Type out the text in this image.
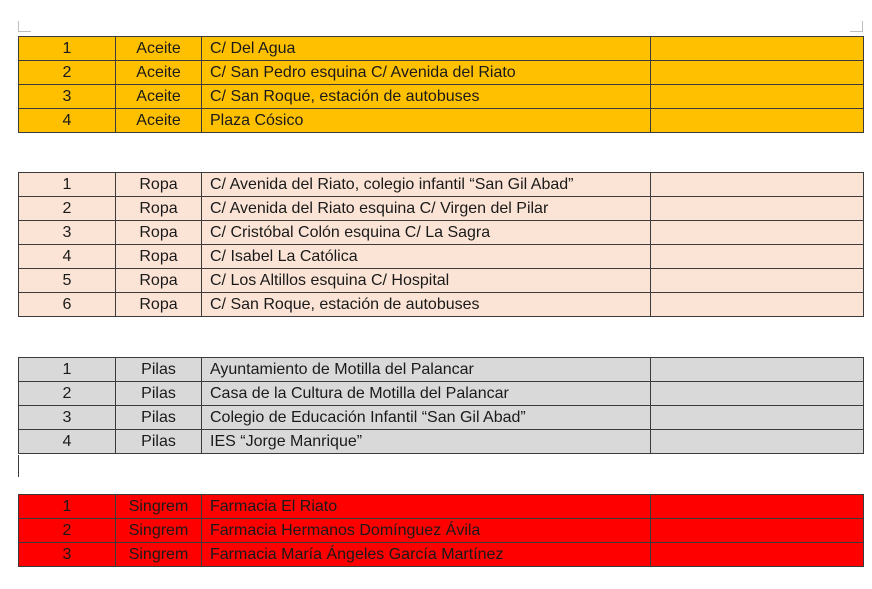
1	Aceite	C/ Del Agua	
2	Aceite	C/ San Pedro esquina C/ Avenida del Riato	
3	Aceite	C/ San Roque, estación de autobuses	
4	Aceite	Plaza Cósico	
1	Ropa	C/ Avenida del Riato, colegio infantil “San Gil Abad”	
2	Ropa	C/ Avenida del Riato esquina C/ Virgen del Pilar	
3	Ropa	C/ Cristóbal Colón esquina C/ La Sagra	
4	Ropa	C/ Isabel La Católica	
5	Ropa	C/ Los Altillos esquina C/ Hospital	
6	Ropa	C/ San Roque, estación de autobuses	
1	Pilas	Ayuntamiento de Motilla del Palancar	
2	Pilas	Casa de la Cultura de Motilla del Palancar	
3	Pilas	Colegio de Educación Infantil “San Gil Abad”	
4	Pilas	IES “Jorge Manrique”	
1	Singrem	Farmacia El Riato	
2	Singrem	Farmacia Hermanos Domínguez Ávila	
3	Singrem	Farmacia María Ángeles García Martínez	
